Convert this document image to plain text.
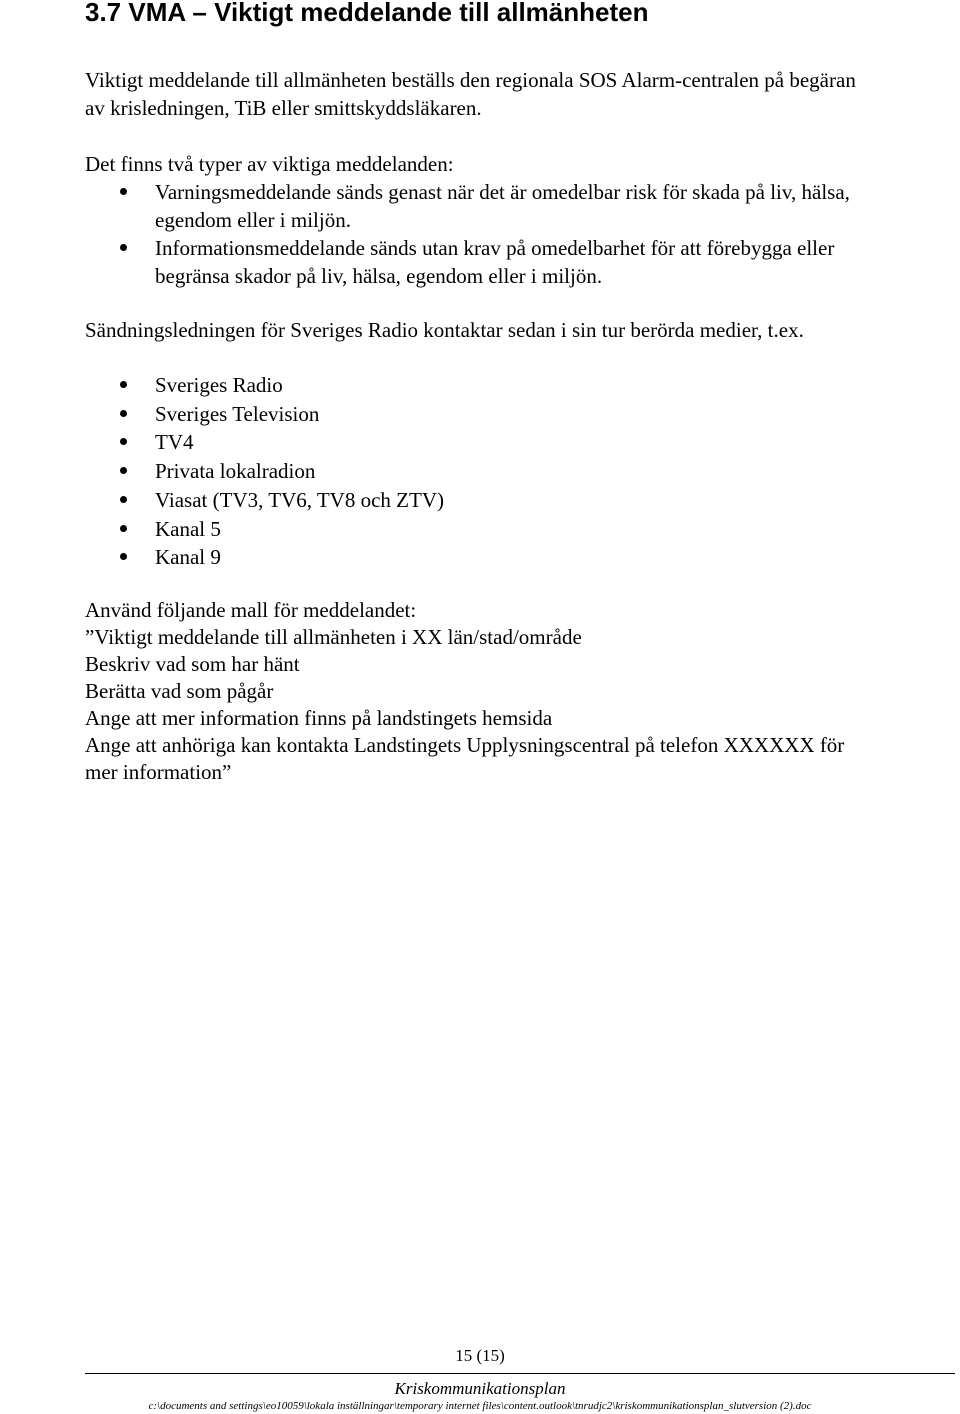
3.7 VMA – Viktigt meddelande till allmänheten

Viktigt meddelande till allmänheten beställs den regionala SOS Alarm-centralen på begäran av krisledningen, TiB eller smittskyddsläkaren.

Det finns två typer av viktiga meddelanden:

Varningsmeddelande sänds genast när det är omedelbar risk för skada på liv, hälsa, egendom eller i miljön.
Informationsmeddelande sänds utan krav på omedelbarhet för att förebygga eller begränsa skador på liv, hälsa, egendom eller i miljön.

Sändningsledningen för Sveriges Radio kontaktar sedan i sin tur berörda medier, t.ex.

Sveriges Radio
Sveriges Television
TV4
Privata lokalradion
Viasat (TV3, TV6, TV8 och ZTV)
Kanal 5
Kanal 9

Använd följande mall för meddelandet:

”Viktigt meddelande till allmänheten i XX län/stad/område
Beskriv vad som har hänt
Berätta vad som pågår
Ange att mer information finns på landstingets hemsida
Ange att anhöriga kan kontakta Landstingets Upplysningscentral på telefon XXXXXX för mer information”
15 (15)
Kriskommunikationsplan
c:\documents and settings\eo10059\lokala inställningar\temporary internet files\content.outlook\tnrudjc2\kriskommunikationsplan_slutversion (2).doc
